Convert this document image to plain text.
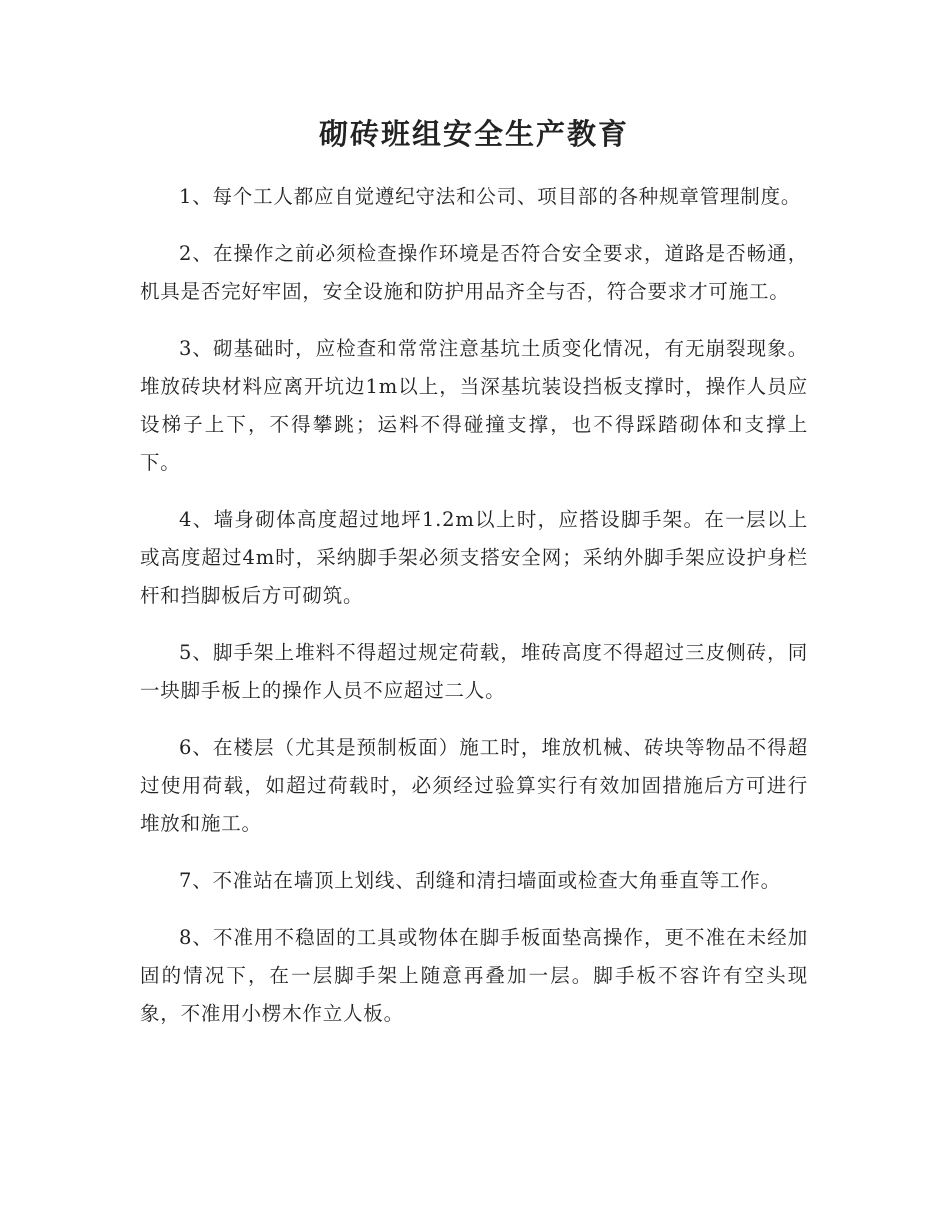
砌砖班组安全生产教育

1、每个工人都应自觉遵纪守法和公司、项目部的各种规章管理制度。

2、在操作之前必须检查操作环境是否符合安全要求，道路是否畅通，机具是否完好牢固，安全设施和防护用品齐全与否，符合要求才可施工。

3、砌基础时，应检查和常常注意基坑土质变化情况，有无崩裂现象。堆放砖块材料应离开坑边1m以上，当深基坑装设挡板支撑时，操作人员应设梯子上下，不得攀跳；运料不得碰撞支撑，也不得踩踏砌体和支撑上下。

4、墙身砌体高度超过地坪1.2m以上时，应搭设脚手架。在一层以上或高度超过4m时，采纳脚手架必须支搭安全网；采纳外脚手架应设护身栏杆和挡脚板后方可砌筑。

5、脚手架上堆料不得超过规定荷载，堆砖高度不得超过三皮侧砖，同一块脚手板上的操作人员不应超过二人。

6、在楼层（尤其是预制板面）施工时，堆放机械、砖块等物品不得超过使用荷载，如超过荷载时，必须经过验算实行有效加固措施后方可进行堆放和施工。

7、不准站在墙顶上划线、刮缝和清扫墙面或检查大角垂直等工作。

8、不准用不稳固的工具或物体在脚手板面垫高操作，更不准在未经加固的情况下，在一层脚手架上随意再叠加一层。脚手板不容许有空头现象，不准用小楞木作立人板。
